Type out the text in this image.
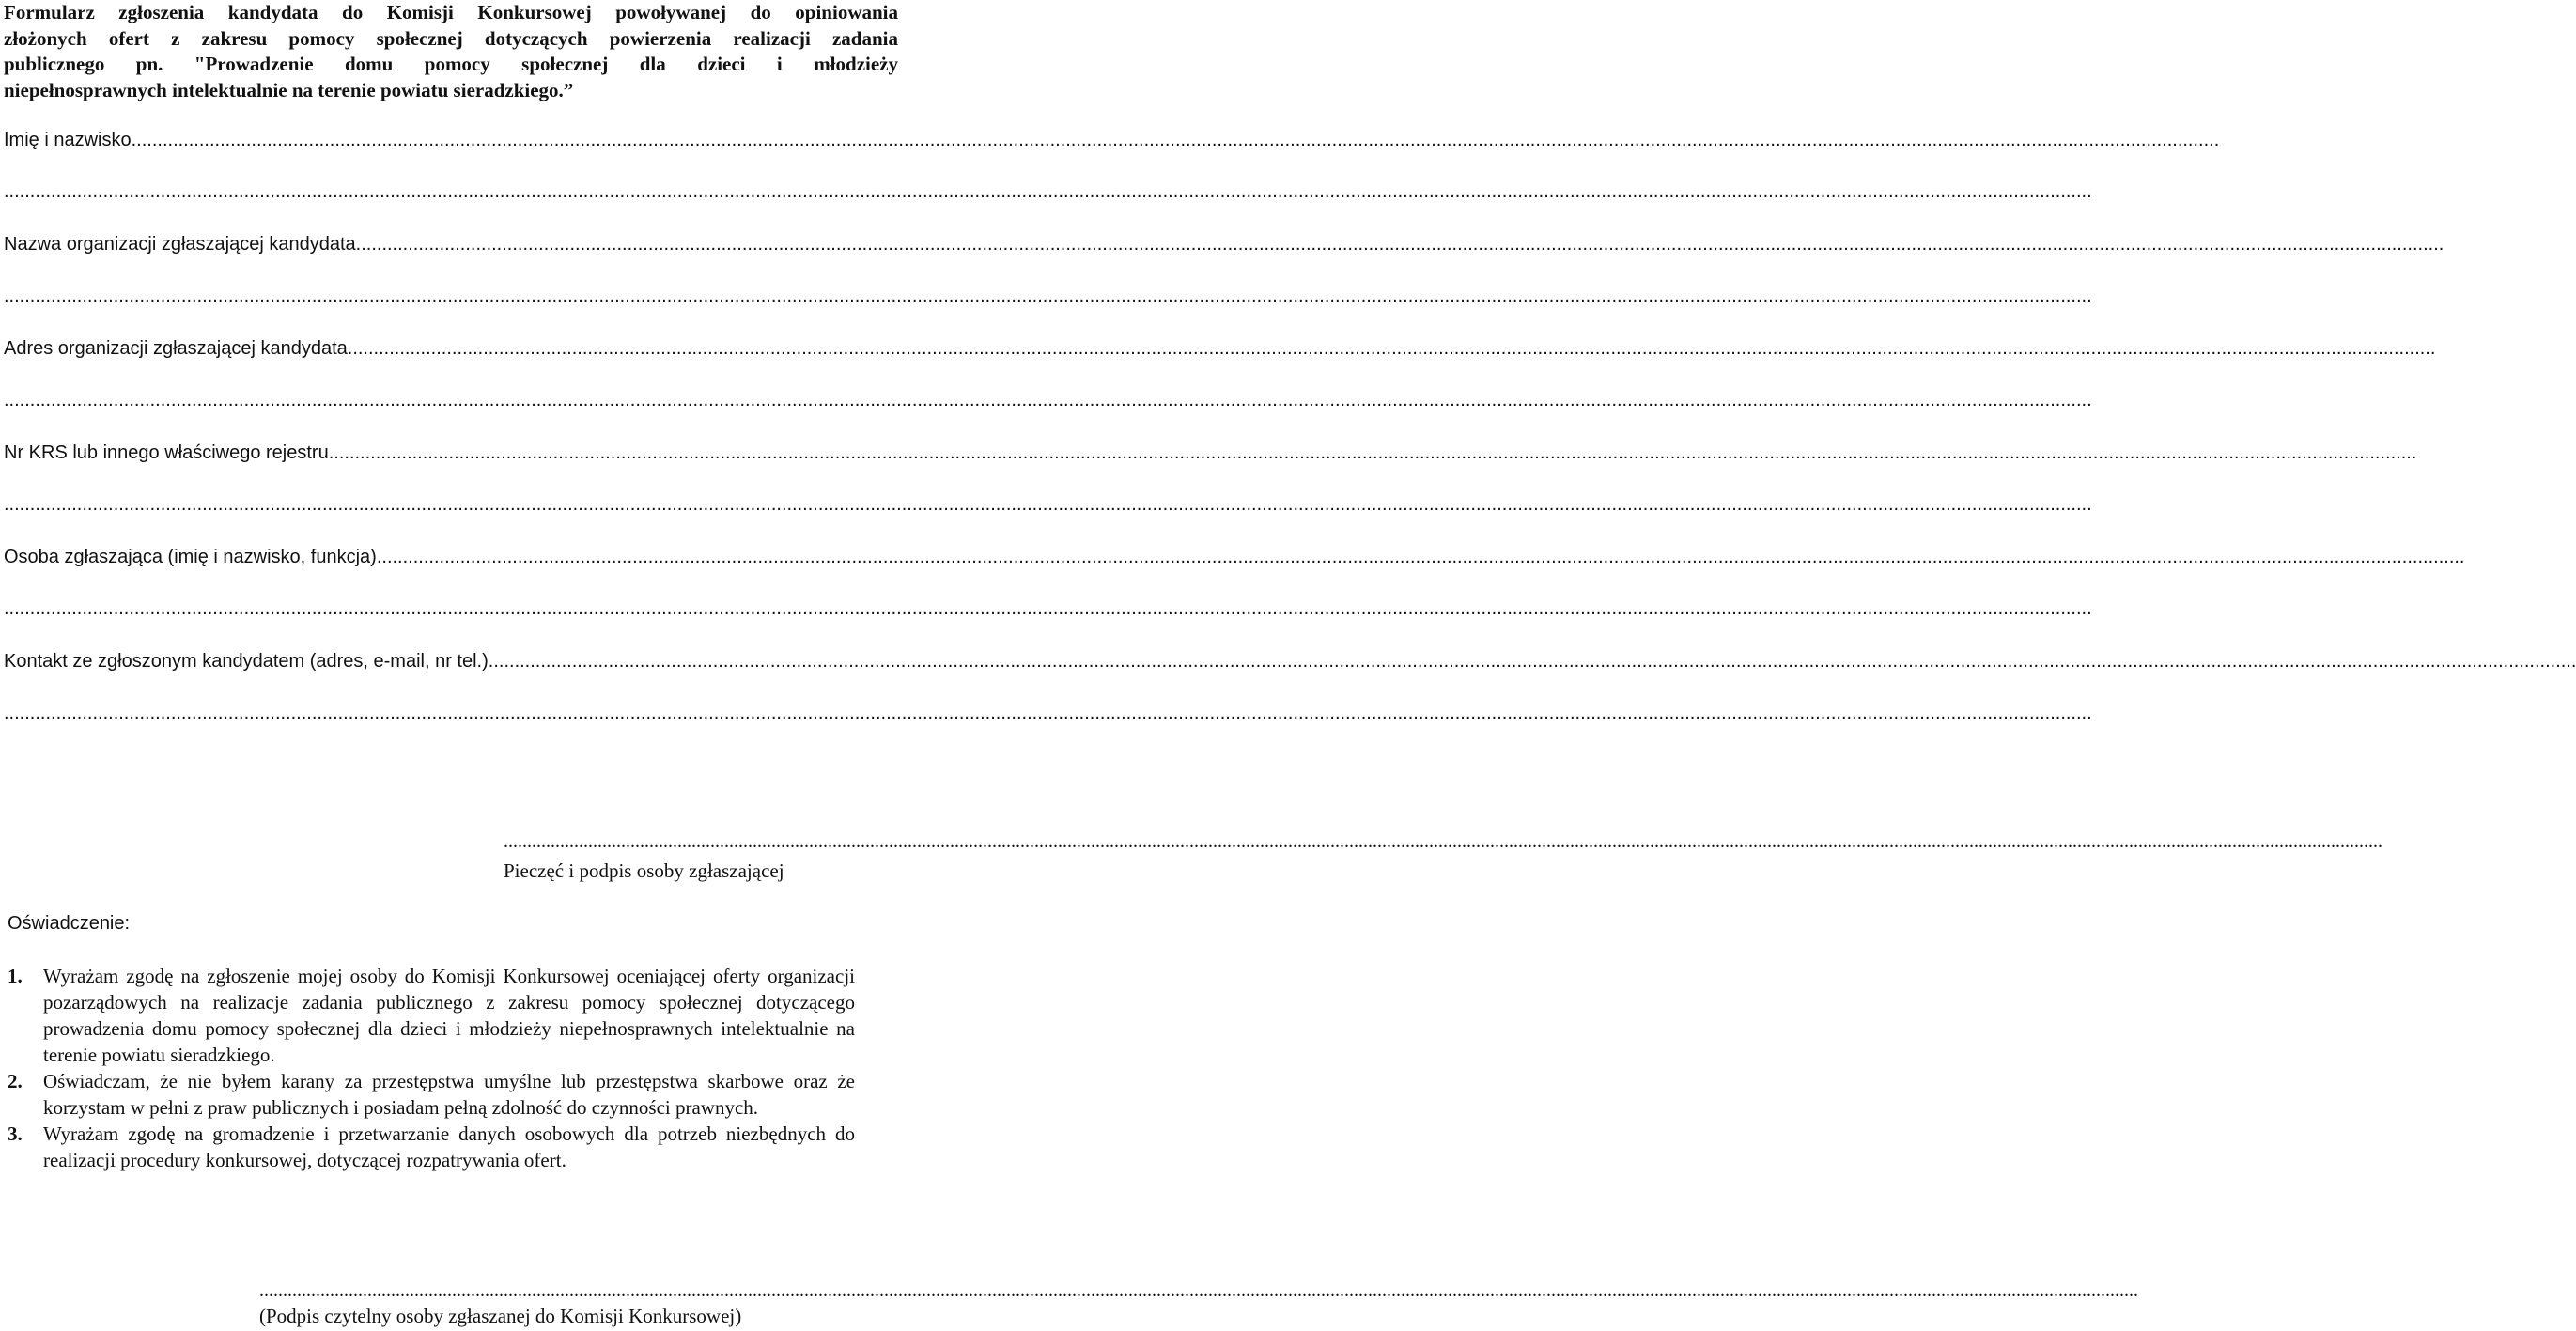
Formularz zgłoszenia kandydata do Komisji Konkursowej powoływanej do opiniowania
złożonych ofert z zakresu pomocy społecznej dotyczących powierzenia realizacji zadania
publicznego pn. "Prowadzenie domu pomocy społecznej dla dzieci i młodzieży
niepełnosprawnych intelektualnie na terenie powiatu sieradzkiego.”
Imię i nazwisko................................................................................................................................................................................................................................................................................................................................................................................................................
................................................................................................................................................................................................................................................................................................................................................................................................................
Nazwa organizacji zgłaszającej kandydata................................................................................................................................................................................................................................................................................................................................................................................................................
................................................................................................................................................................................................................................................................................................................................................................................................................
Adres organizacji zgłaszającej kandydata................................................................................................................................................................................................................................................................................................................................................................................................................
................................................................................................................................................................................................................................................................................................................................................................................................................
Nr KRS lub innego właściwego rejestru................................................................................................................................................................................................................................................................................................................................................................................................................
................................................................................................................................................................................................................................................................................................................................................................................................................
Osoba zgłaszająca (imię i nazwisko, funkcja)................................................................................................................................................................................................................................................................................................................................................................................................................
................................................................................................................................................................................................................................................................................................................................................................................................................
Kontakt ze zgłoszonym kandydatem (adres, e-mail, nr tel.)................................................................................................................................................................................................................................................................................................................................................................................................................
................................................................................................................................................................................................................................................................................................................................................................................................................
................................................................................................................................................................................................................................................................................................................................................................................................................
Pieczęć i podpis osoby zgłaszającej
Oświadczenie:
1. Wyrażam zgodę na zgłoszenie mojej osoby do Komisji Konkursowej oceniającej oferty organizacji pozarządowych na realizacje zadania publicznego z zakresu pomocy społecznej dotyczącego prowadzenia domu pomocy społecznej dla dzieci i młodzieży niepełnosprawnych intelektualnie na terenie powiatu sieradzkiego.
2. Oświadczam, że nie byłem karany za przestępstwa umyślne lub przestępstwa skarbowe oraz że korzystam w pełni z praw publicznych i posiadam pełną zdolność do czynności prawnych.
3. Wyrażam zgodę na gromadzenie i przetwarzanie danych osobowych dla potrzeb niezbędnych do realizacji procedury konkursowej, dotyczącej rozpatrywania ofert.
................................................................................................................................................................................................................................................................................................................................................................................................................
(Podpis czytelny osoby zgłaszanej do Komisji Konkursowej)
